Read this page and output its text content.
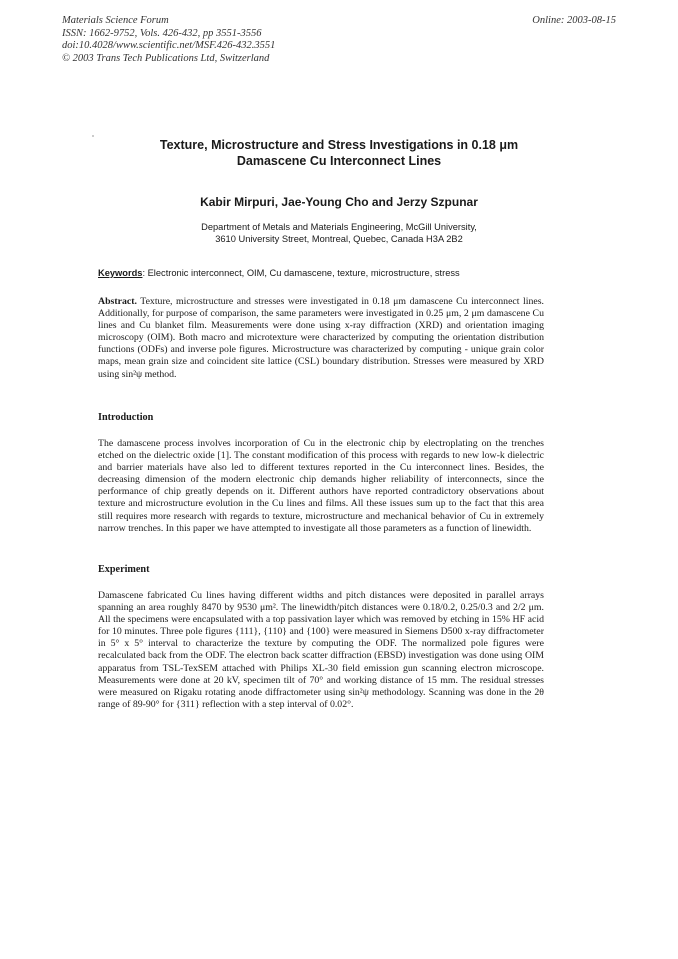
Materials Science Forum
ISSN: 1662-9752, Vols. 426-432, pp 3551-3556
doi:10.4028/www.scientific.net/MSF.426-432.3551
© 2003 Trans Tech Publications Ltd, Switzerland
Online: 2003-08-15
Texture, Microstructure and Stress Investigations in 0.18 μm
Damascene Cu Interconnect Lines
Kabir Mirpuri, Jae-Young Cho and Jerzy Szpunar
Department of Metals and Materials Engineering, McGill University,
3610 University Street, Montreal, Quebec, Canada H3A 2B2
Keywords: Electronic interconnect, OIM, Cu damascene, texture, microstructure, stress
Abstract. Texture, microstructure and stresses were investigated in 0.18 μm damascene Cu interconnect lines. Additionally, for purpose of comparison, the same parameters were investigated in 0.25 μm, 2 μm damascene Cu lines and Cu blanket film. Measurements were done using x-ray diffraction (XRD) and orientation imaging microscopy (OIM). Both macro and microtexture were characterized by computing the orientation distribution functions (ODFs) and inverse pole figures. Microstructure was characterized by computing - unique grain color maps, mean grain size and coincident site lattice (CSL) boundary distribution. Stresses were measured by XRD using sin²ψ method.
Introduction
The damascene process involves incorporation of Cu in the electronic chip by electroplating on the trenches etched on the dielectric oxide [1]. The constant modification of this process with regards to new low-k dielectric and barrier materials have also led to different textures reported in the Cu interconnect lines. Besides, the decreasing dimension of the modern electronic chip demands higher reliability of interconnects, since the performance of chip greatly depends on it. Different authors have reported contradictory observations about texture and microstructure evolution in the Cu lines and films. All these issues sum up to the fact that this area still requires more research with regards to texture, microstructure and mechanical behavior of Cu in extremely narrow trenches. In this paper we have attempted to investigate all those parameters as a function of linewidth.
Experiment
Damascene fabricated Cu lines having different widths and pitch distances were deposited in parallel arrays spanning an area roughly 8470 by 9530 μm². The linewidth/pitch distances were 0.18/0.2, 0.25/0.3 and 2/2 μm. All the specimens were encapsulated with a top passivation layer which was removed by etching in 15% HF acid for 10 minutes. Three pole figures {111}, {110} and {100} were measured in Siemens D500 x-ray diffractometer in 5° x 5° interval to characterize the texture by computing the ODF. The normalized pole figures were recalculated back from the ODF. The electron back scatter diffraction (EBSD) investigation was done using OIM apparatus from TSL-TexSEM attached with Philips XL-30 field emission gun scanning electron microscope. Measurements were done at 20 kV, specimen tilt of 70° and working distance of 15 mm. The residual stresses were measured on Rigaku rotating anode diffractometer using sin²ψ methodology. Scanning was done in the 2θ range of 89-90° for {311} reflection with a step interval of 0.02°.
